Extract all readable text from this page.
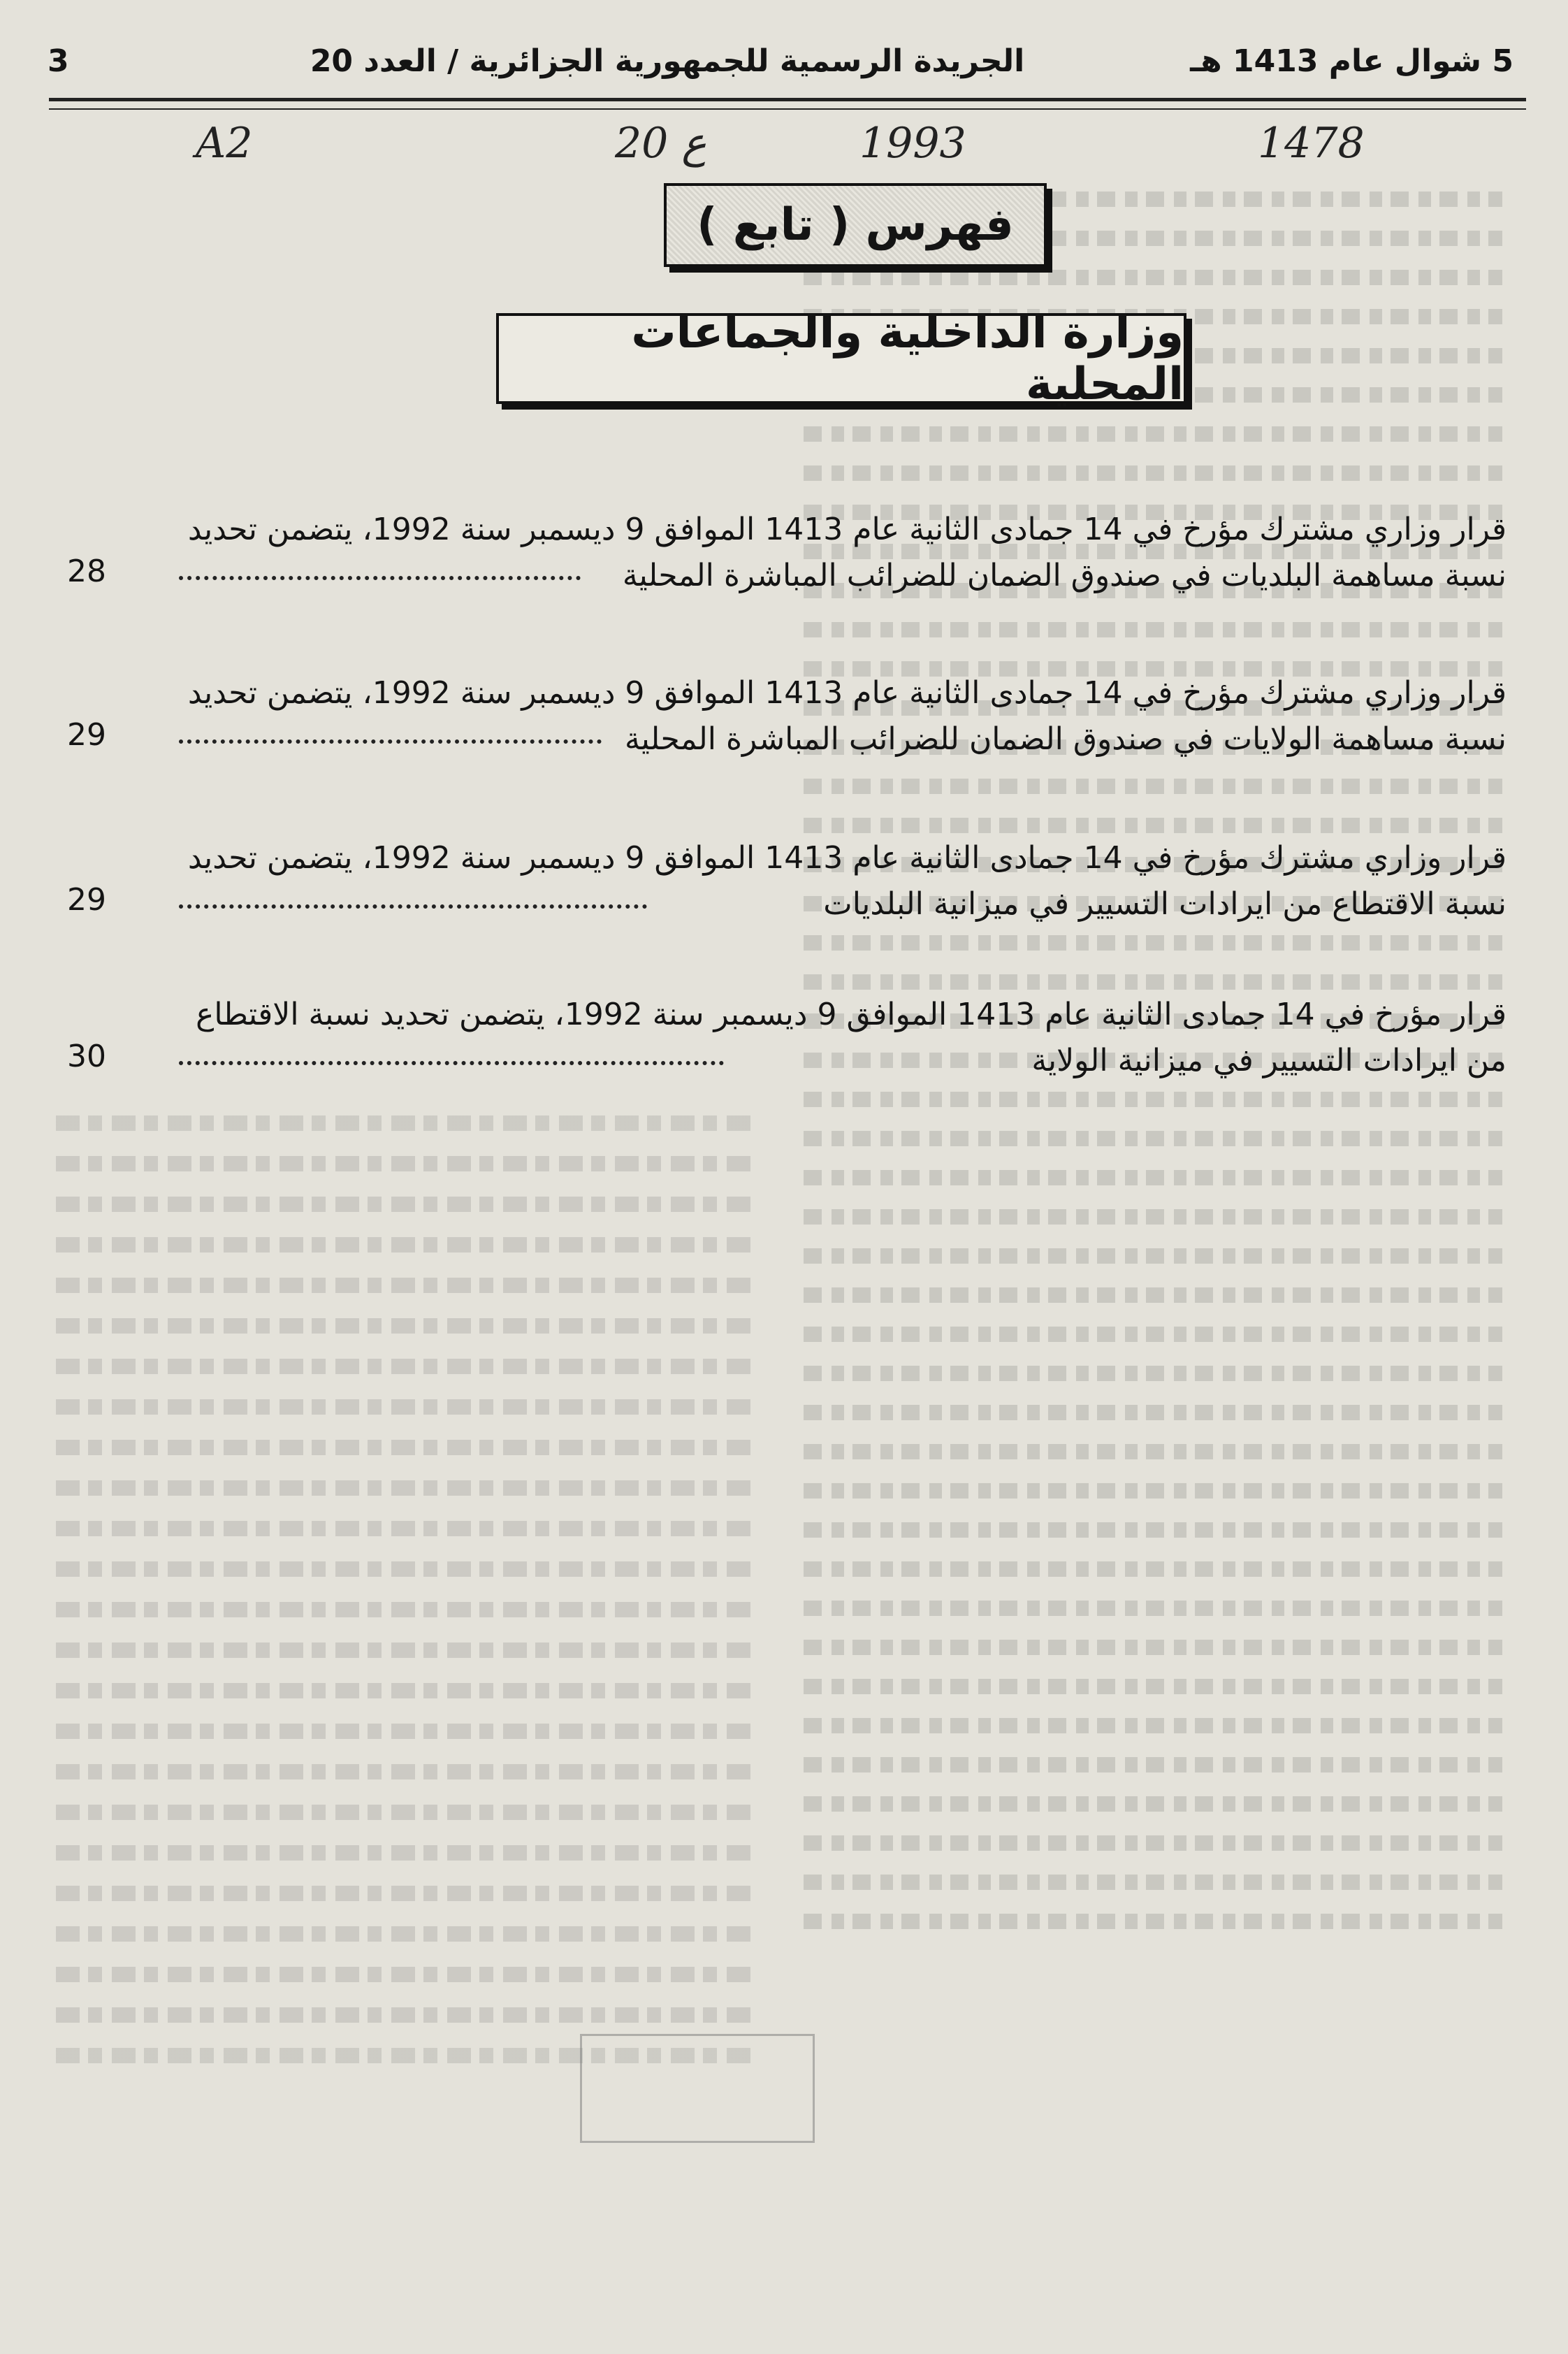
5 شوال عام 1413 هـ
الجريدة الرسمية للجمهورية الجزائرية / العدد 20
3
A2	20 ع	1993	1478
فهرس ( تابع )
وزارة الداخلية والجماعات المحلية
قرار وزاري مشترك مؤرخ في 14 جمادى الثانية عام 1413 الموافق 9 ديسمبر سنة 1992، يتضمن تحديد
نسبة مساهمة البلديات في صندوق الضمان للضرائب المباشرة المحلية
28
قرار وزاري مشترك مؤرخ في 14 جمادى الثانية عام 1413 الموافق 9 ديسمبر سنة 1992، يتضمن تحديد
نسبة مساهمة الولايات في صندوق الضمان للضرائب المباشرة المحلية
29
قرار وزاري مشترك مؤرخ في 14 جمادى الثانية عام 1413 الموافق 9 ديسمبر سنة 1992، يتضمن تحديد
نسبة الاقتطاع من ايرادات التسيير في ميزانية البلديات
29
قرار مؤرخ في 14 جمادى الثانية عام 1413 الموافق 9 ديسمبر سنة 1992، يتضمن تحديد نسبة الاقتطاع
من ايرادات التسيير في ميزانية الولاية
30
